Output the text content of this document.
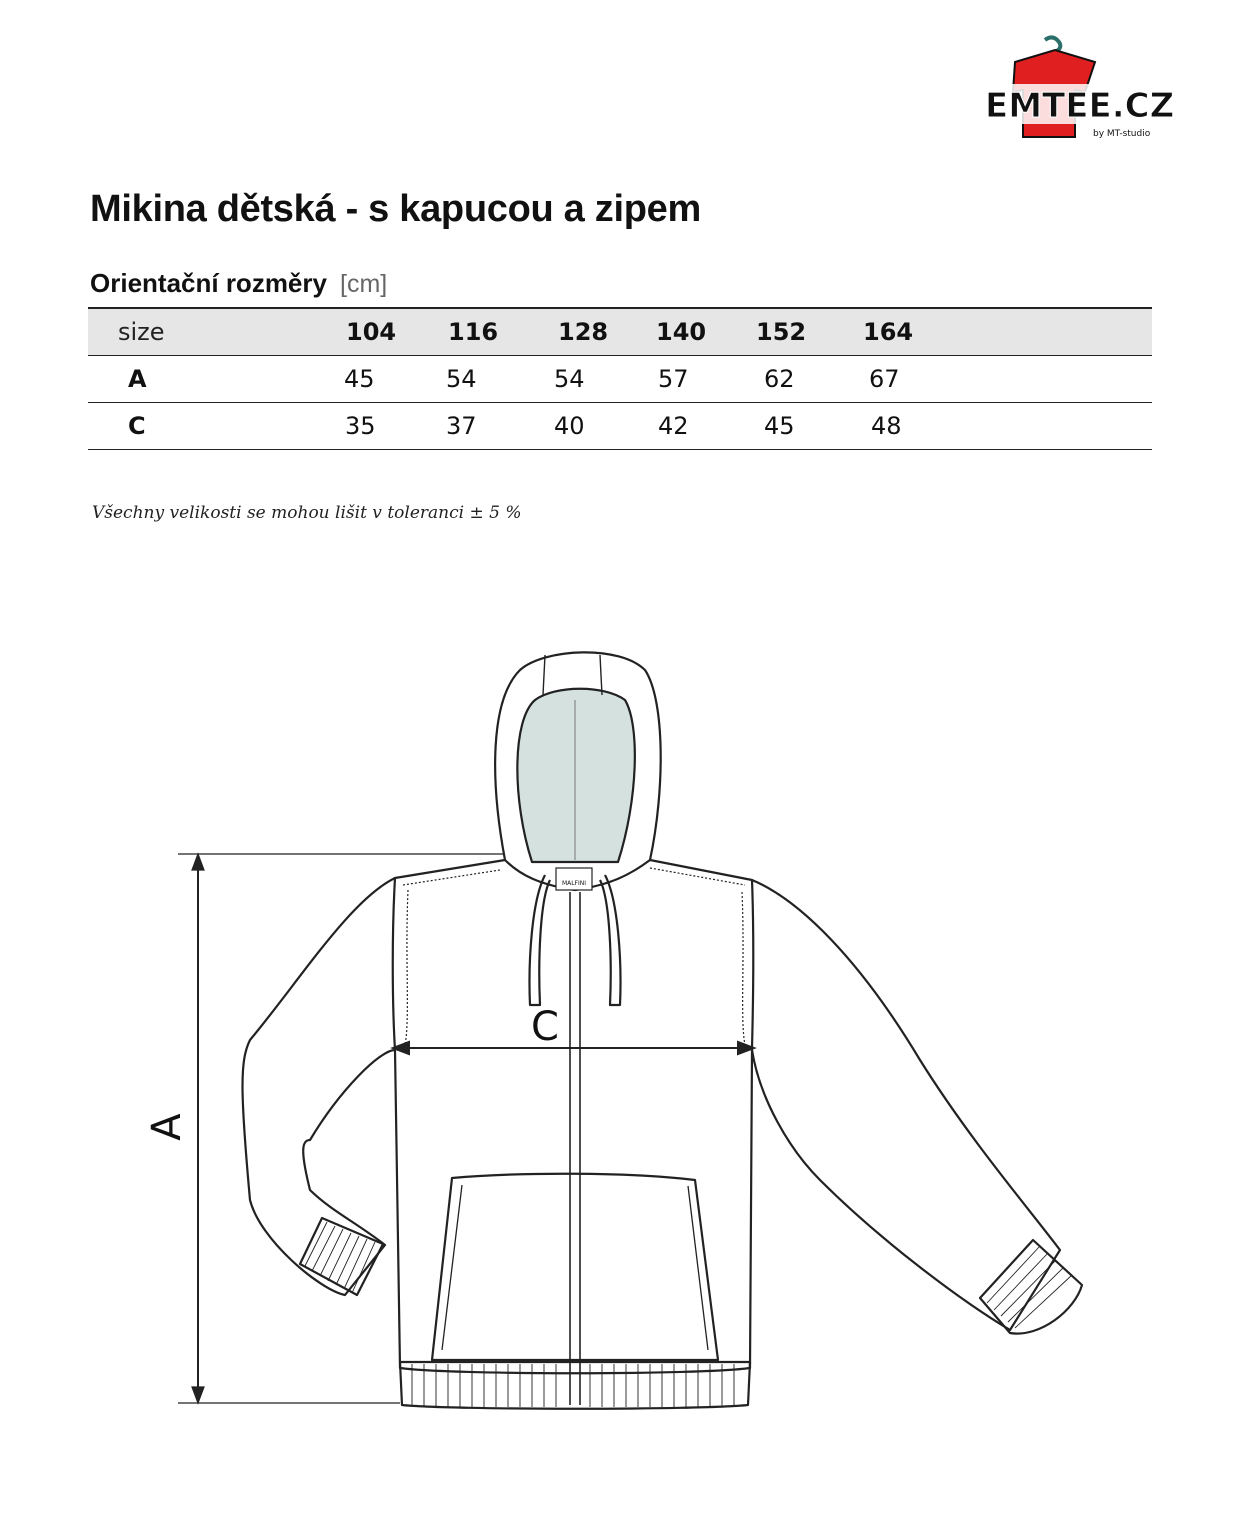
EMTEE.CZ
by MT-studio
Mikina dětská - s kapucou a zipem
Orientační rozměry [cm]
size	104 116 128 140 152 164
A	45	54	54	57	62	67
C	35	37	40	42	45	48
Všechny velikosti se mohou lišit v toleranci ± 5 %
MALFINI
A
C
